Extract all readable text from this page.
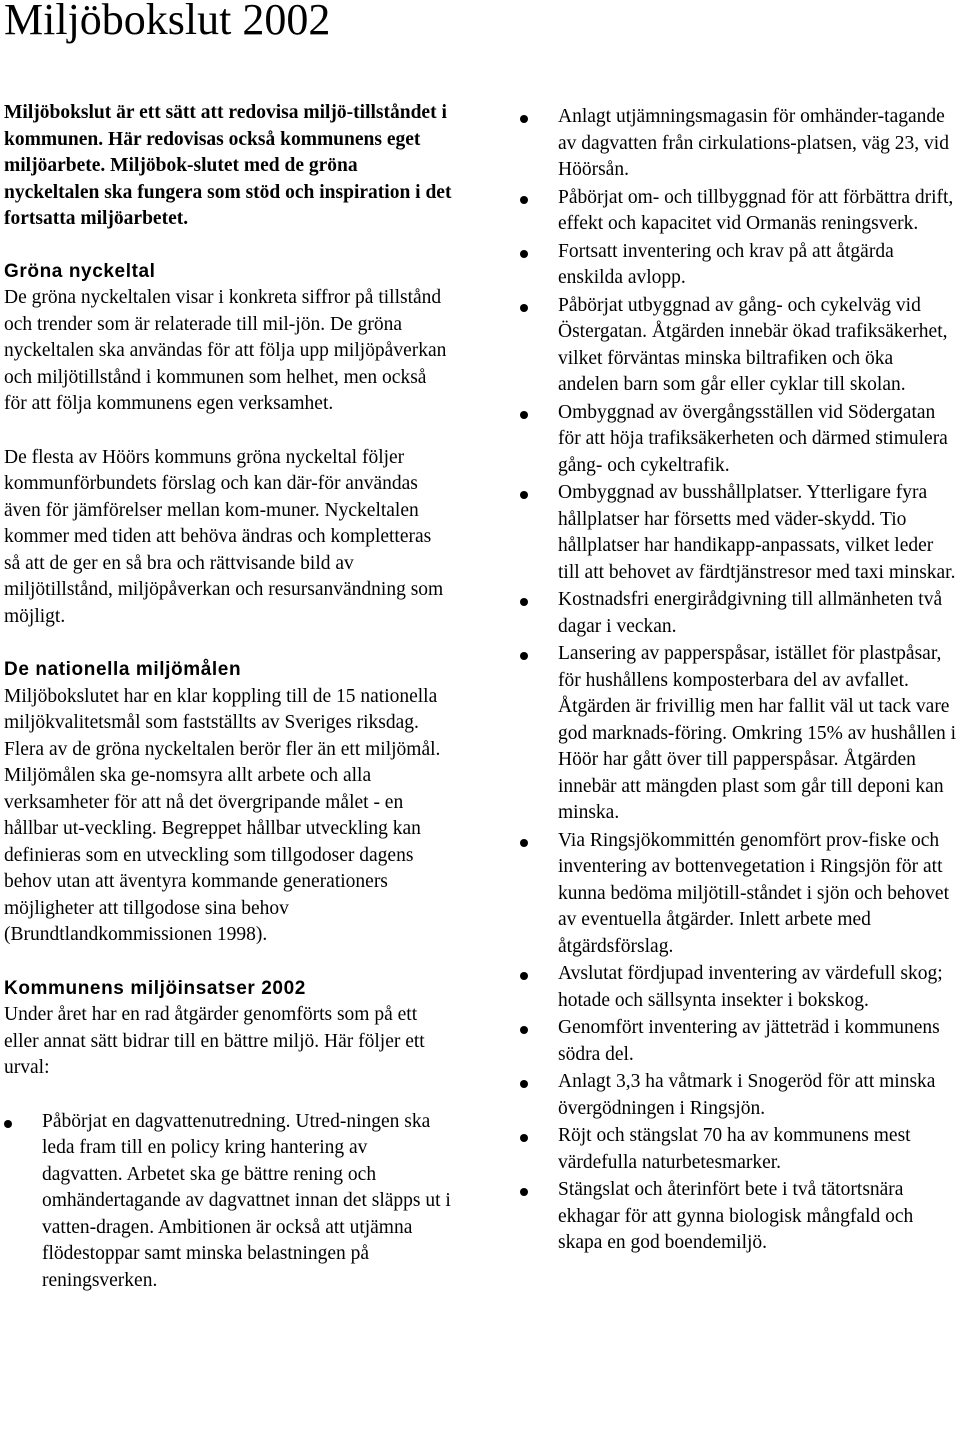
Miljöbokslut 2002

Miljöbokslut är ett sätt att redovisa miljö-tillståndet i kommunen. Här redovisas också kommunens eget miljöarbete. Miljöbok-slutet med de gröna nyckeltalen ska fungera som stöd och inspiration i det fortsatta miljöarbetet.

Gröna nyckeltal

De gröna nyckeltalen visar i konkreta siffror på tillstånd och trender som är relaterade till mil-jön. De gröna nyckeltalen ska användas för att följa upp miljöpåverkan och miljötillstånd i kommunen som helhet, men också för att följa kommunens egen verksamhet.

De flesta av Höörs kommuns gröna nyckeltal följer kommunförbundets förslag och kan där-för användas även för jämförelser mellan kom-muner. Nyckeltalen kommer med tiden att behöva ändras och kompletteras så att de ger en så bra och rättvisande bild av miljötillstånd, miljöpåverkan och resursanvändning som möjligt.

De nationella miljömålen

Miljöbokslutet har en klar koppling till de 15 nationella miljökvalitetsmål som fastställts av Sveriges riksdag. Flera av de gröna nyckeltalen berör fler än ett miljömål. Miljömålen ska ge-nomsyra allt arbete och alla verksamheter för att nå det övergripande målet - en hållbar ut-veckling. Begreppet hållbar utveckling kan definieras som en utveckling som tillgodoser dagens behov utan att äventyra kommande generationers möjligheter att tillgodose sina behov (Brundtlandkommissionen 1998).

Kommunens miljöinsatser 2002

Under året har en rad åtgärder genomförts som på ett eller annat sätt bidrar till en bättre miljö. Här följer ett urval:

Påbörjat en dagvattenutredning. Utred-ningen ska leda fram till en policy kring hantering av dagvatten. Arbetet ska ge bättre rening och omhändertagande av dagvattnet innan det släpps ut i vatten-dragen. Ambitionen är också att utjämna flödestoppar samt minska belastningen på reningsverken.
Anlagt utjämningsmagasin för omhänder-tagande av dagvatten från cirkulations-platsen, väg 23, vid Höörsån.
Påbörjat om- och tillbyggnad för att förbättra drift, effekt och kapacitet vid Ormanäs reningsverk.
Fortsatt inventering och krav på att åtgärda enskilda avlopp.
Påbörjat utbyggnad av gång- och cykelväg vid Östergatan. Åtgärden innebär ökad trafiksäkerhet, vilket förväntas minska biltrafiken och öka andelen barn som går eller cyklar till skolan.
Ombyggnad av övergångsställen vid Södergatan för att höja trafiksäkerheten och därmed stimulera gång- och cykeltrafik.
Ombyggnad av busshållplatser. Ytterligare fyra hållplatser har försetts med väder-skydd. Tio hållplatser har handikapp-anpassats, vilket leder till att behovet av färdtjänstresor med taxi minskar.
Kostnadsfri energirådgivning till allmänheten två dagar i veckan.
Lansering av papperspåsar, istället för plastpåsar, för hushållens komposterbara del av avfallet. Åtgärden är frivillig men har fallit väl ut tack vare god marknads-föring. Omkring 15% av hushållen i Höör har gått över till papperspåsar. Åtgärden innebär att mängden plast som går till deponi kan minska.
Via Ringsjökommittén genomfört prov-fiske och inventering av bottenvegetation i Ringsjön för att kunna bedöma miljötill-ståndet i sjön och behovet av eventuella åtgärder. Inlett arbete med åtgärdsförslag.
Avslutat fördjupad inventering av värdefull skog; hotade och sällsynta insekter i bokskog.
Genomfört inventering av jätteträd i kommunens södra del.
Anlagt 3,3 ha våtmark i Snogeröd för att minska övergödningen i Ringsjön.
Röjt och stängslat 70 ha av kommunens mest värdefulla naturbetesmarker.
Stängslat och återinfört bete i två tätortsnära ekhagar för att gynna biologisk mångfald och skapa en god boendemiljö.
